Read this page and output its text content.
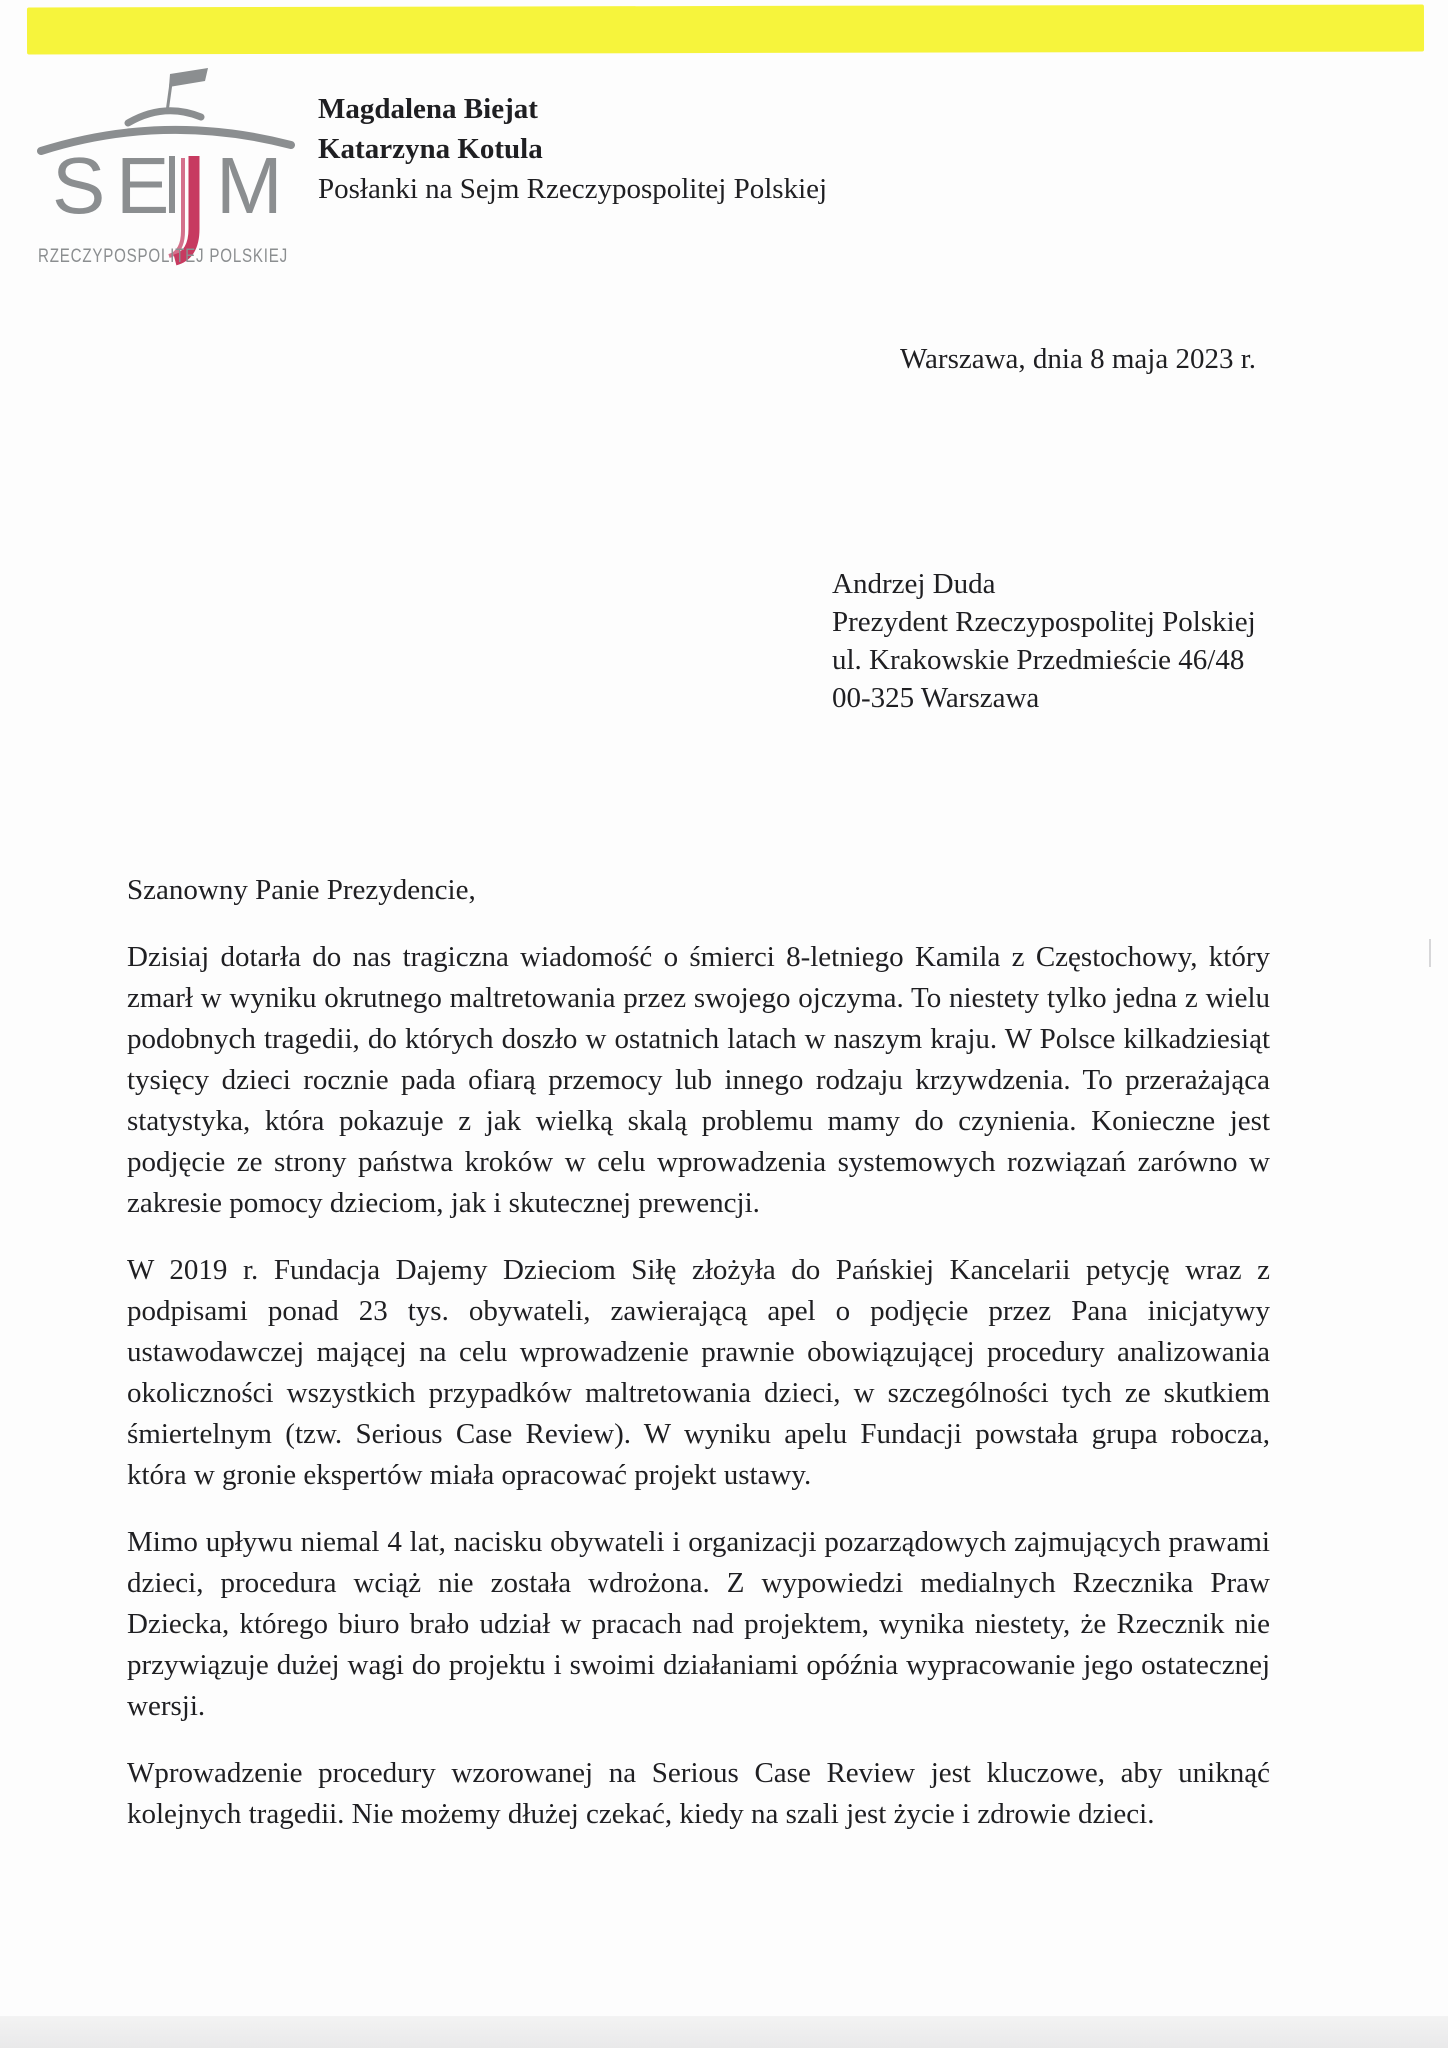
S E M
RZECZYPOSPOLITEJ POLSKIEJ
Magdalena Biejat
Katarzyna Kotula
Posłanki na Sejm Rzeczypospolitej Polskiej
Warszawa, dnia 8 maja 2023 r.
Andrzej Duda
Prezydent Rzeczypospolitej Polskiej
ul. Krakowskie Przedmieście 46/48
00-325 Warszawa

Szanowny Panie Prezydencie,

Dzisiaj dotarła do nas tragiczna wiadomość o śmierci 8-letniego Kamila z Częstochowy, który zmarł w wyniku okrutnego maltretowania przez swojego ojczyma. To niestety tylko jedna z wielu podobnych tragedii, do których doszło w ostatnich latach w naszym kraju. W Polsce kilkadziesiąt tysięcy dzieci rocznie pada ofiarą przemocy lub innego rodzaju krzywdzenia. To przerażająca statystyka, która pokazuje z jak wielką skalą problemu mamy do czynienia. Konieczne jest podjęcie ze strony państwa kroków w celu wprowadzenia systemowych rozwiązań zarówno w zakresie pomocy dzieciom, jak i skutecznej prewencji.

W 2019 r. Fundacja Dajemy Dzieciom Siłę złożyła do Pańskiej Kancelarii petycję wraz z podpisami ponad 23 tys. obywateli, zawierającą apel o podjęcie przez Pana inicjatywy ustawodawczej mającej na celu wprowadzenie prawnie obowiązującej procedury analizowania okoliczności wszystkich przypadków maltretowania dzieci, w szczególności tych ze skutkiem śmiertelnym (tzw. Serious Case Review). W wyniku apelu Fundacji powstała grupa robocza, która w gronie ekspertów miała opracować projekt ustawy.

Mimo upływu niemal 4 lat, nacisku obywateli i organizacji pozarządowych zajmujących prawami dzieci, procedura wciąż nie została wdrożona. Z wypowiedzi medialnych Rzecznika Praw Dziecka, którego biuro brało udział w pracach nad projektem, wynika niestety, że Rzecznik nie przywiązuje dużej wagi do projektu i swoimi działaniami opóźnia wypracowanie jego ostatecznej wersji.

Wprowadzenie procedury wzorowanej na Serious Case Review jest kluczowe, aby uniknąć kolejnych tragedii. Nie możemy dłużej czekać, kiedy na szali jest życie i zdrowie dzieci.
